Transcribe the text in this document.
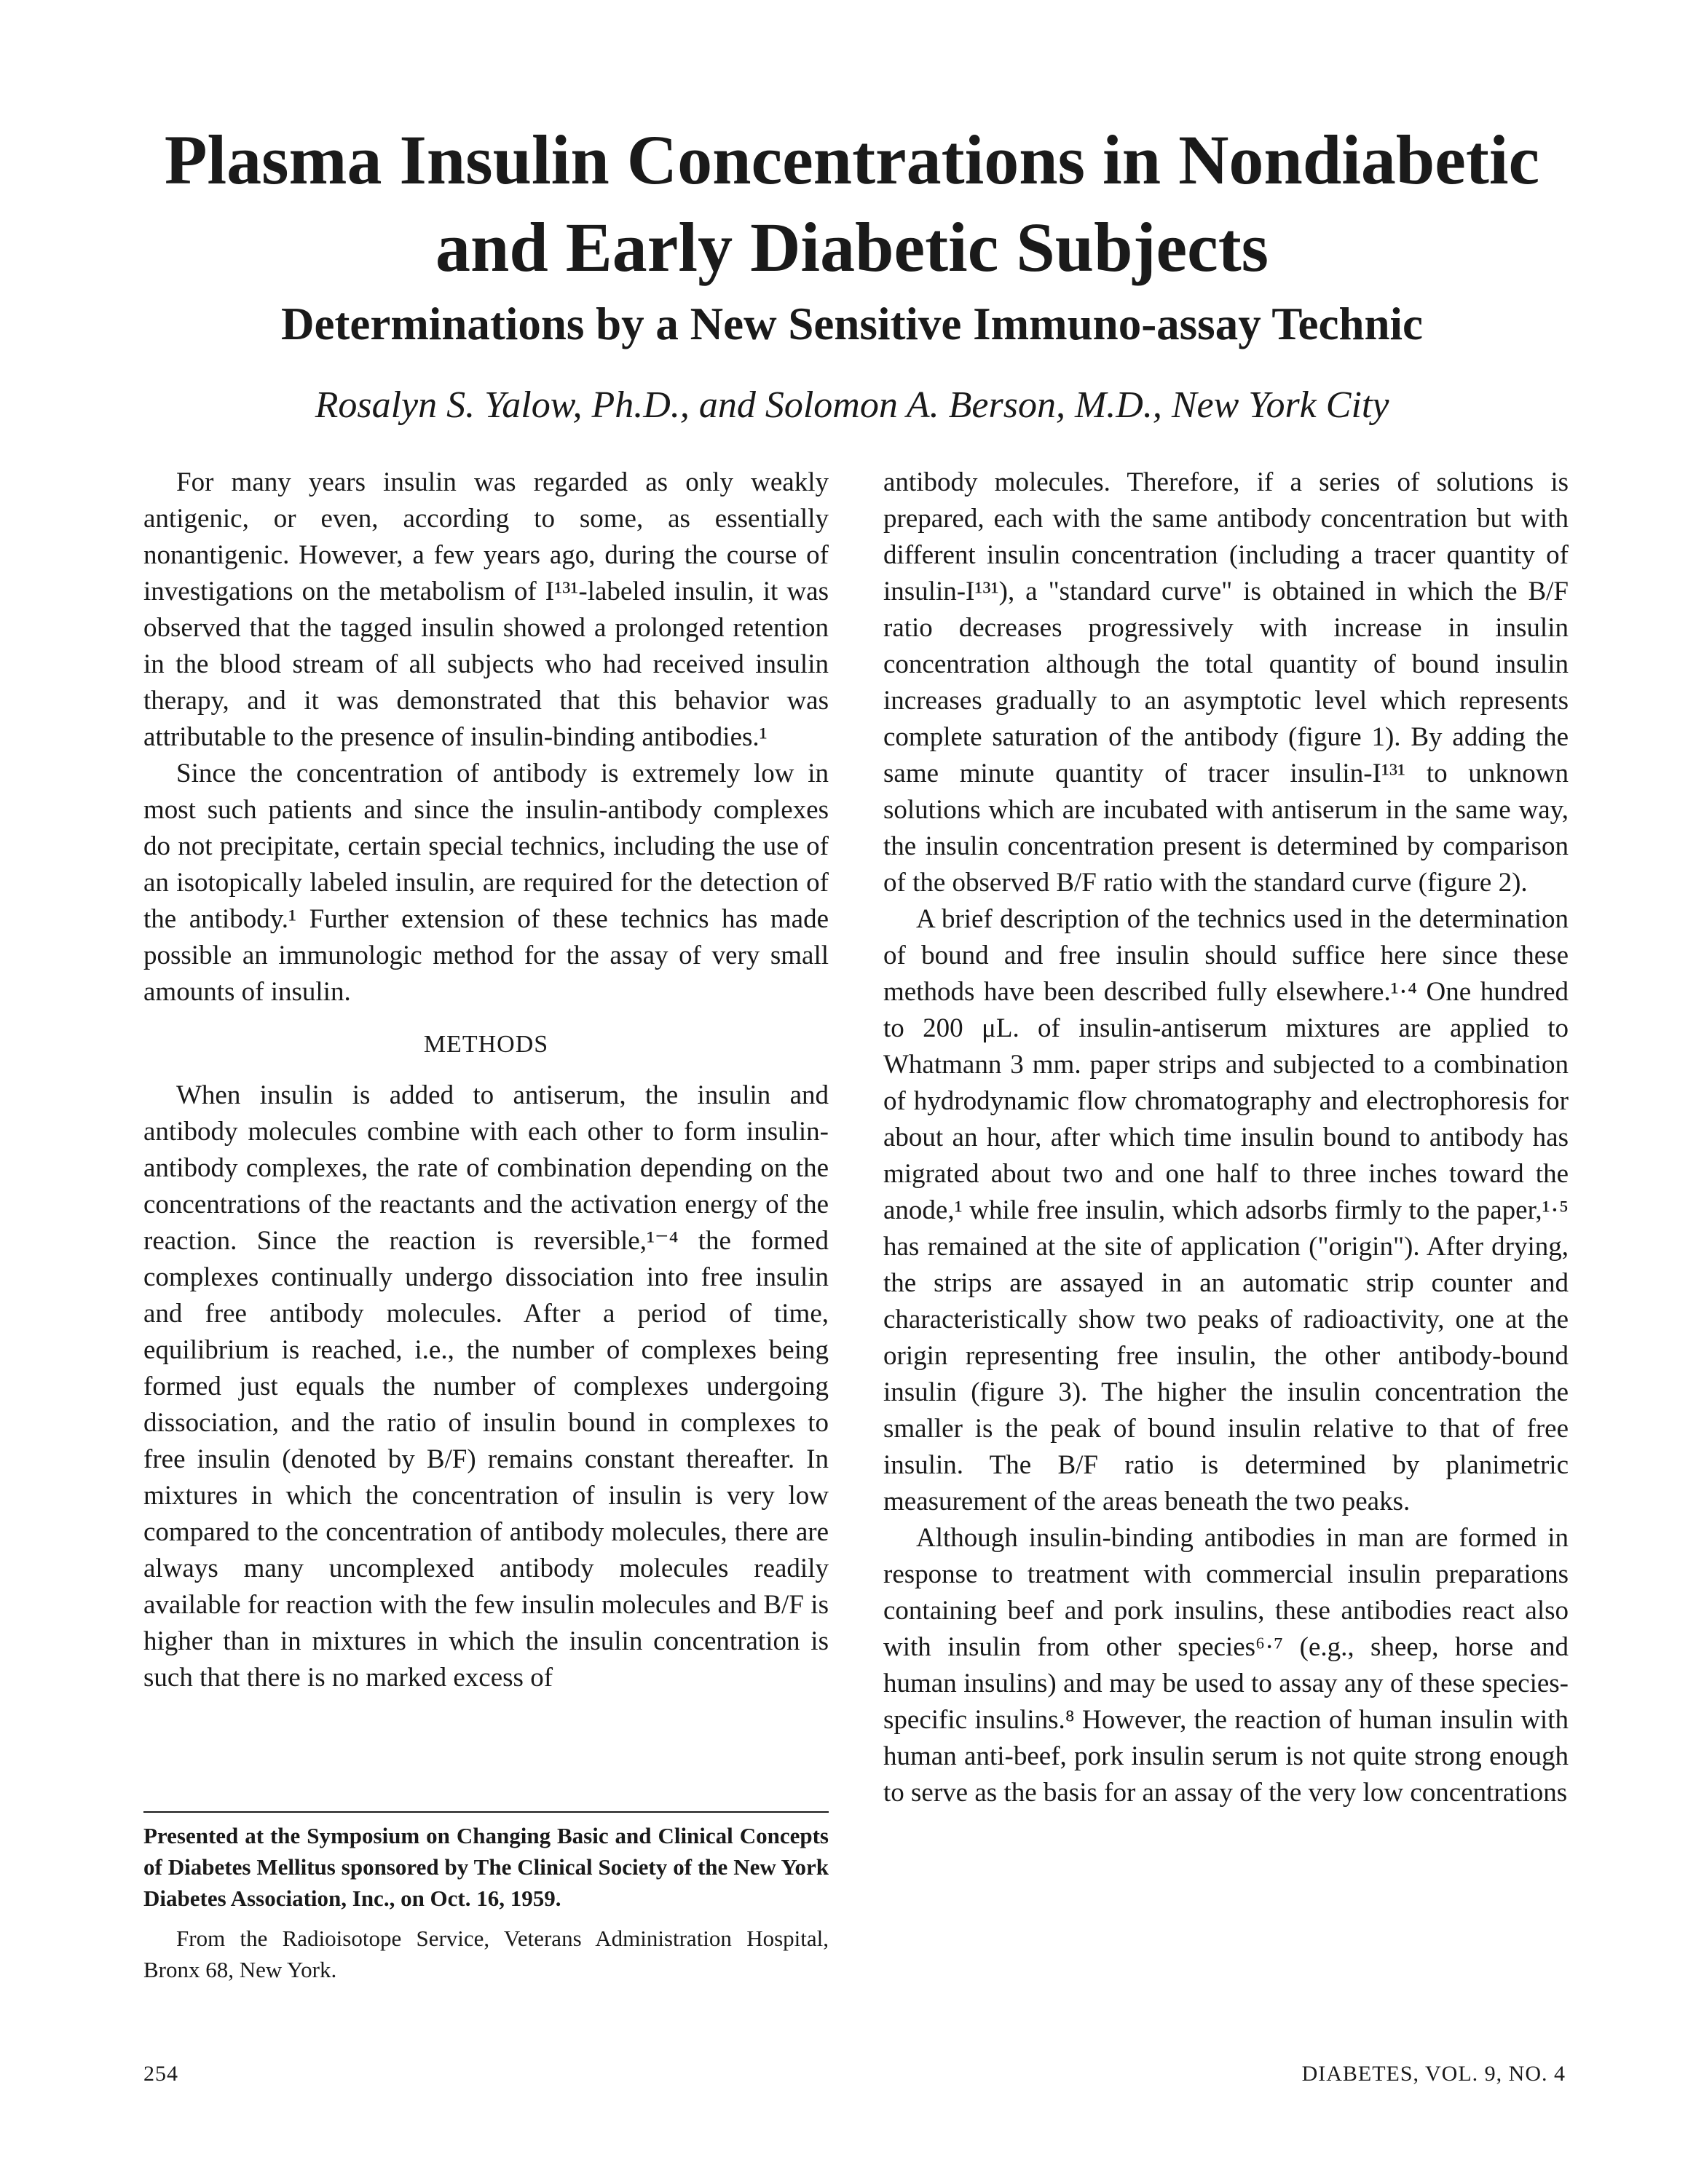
Plasma Insulin Concentrations in Nondiabetic
and Early Diabetic Subjects
Determinations by a New Sensitive Immuno-assay Technic
Rosalyn S. Yalow, Ph.D., and Solomon A. Berson, M.D., New York City

For many years insulin was regarded as only weakly antigenic, or even, according to some, as essentially nonantigenic. However, a few years ago, during the course of investigations on the metabolism of I¹³¹-labeled insulin, it was observed that the tagged insulin showed a prolonged retention in the blood stream of all subjects who had received insulin therapy, and it was demonstrated that this behavior was attributable to the presence of insulin-binding antibodies.¹

Since the concentration of antibody is extremely low in most such patients and since the insulin-antibody complexes do not precipitate, certain special technics, including the use of an isotopically labeled insulin, are required for the detection of the antibody.¹ Further extension of these technics has made possible an immunologic method for the assay of very small amounts of insulin.

METHODS

When insulin is added to antiserum, the insulin and antibody molecules combine with each other to form insulin-antibody complexes, the rate of combination depending on the concentrations of the reactants and the activation energy of the reaction. Since the reaction is reversible,¹⁻⁴ the formed complexes continually undergo dissociation into free insulin and free antibody molecules. After a period of time, equilibrium is reached, i.e., the number of complexes being formed just equals the number of complexes undergoing dissociation, and the ratio of insulin bound in complexes to free insulin (denoted by B/F) remains constant thereafter. In mixtures in which the concentration of insulin is very low compared to the concentration of antibody molecules, there are always many uncomplexed antibody molecules readily available for reaction with the few insulin molecules and B/F is higher than in mixtures in which the insulin concentration is such that there is no marked excess of

antibody molecules. Therefore, if a series of solutions is prepared, each with the same antibody concentration but with different insulin concentration (including a tracer quantity of insulin-I¹³¹), a "standard curve" is obtained in which the B/F ratio decreases progressively with increase in insulin concentration although the total quantity of bound insulin increases gradually to an asymptotic level which represents complete saturation of the antibody (figure 1). By adding the same minute quantity of tracer insulin-I¹³¹ to unknown solutions which are incubated with antiserum in the same way, the insulin concentration present is determined by comparison of the observed B/F ratio with the standard curve (figure 2).

A brief description of the technics used in the determination of bound and free insulin should suffice here since these methods have been described fully elsewhere.¹·⁴ One hundred to 200 μL. of insulin-antiserum mixtures are applied to Whatmann 3 mm. paper strips and subjected to a combination of hydrodynamic flow chromatography and electrophoresis for about an hour, after which time insulin bound to antibody has migrated about two and one half to three inches toward the anode,¹ while free insulin, which adsorbs firmly to the paper,¹·⁵ has remained at the site of application ("origin"). After drying, the strips are assayed in an automatic strip counter and characteristically show two peaks of radioactivity, one at the origin representing free insulin, the other antibody-bound insulin (figure 3). The higher the insulin concentration the smaller is the peak of bound insulin relative to that of free insulin. The B/F ratio is determined by planimetric measurement of the areas beneath the two peaks.

Although insulin-binding antibodies in man are formed in response to treatment with commercial insulin preparations containing beef and pork insulins, these antibodies react also with insulin from other species⁶·⁷ (e.g., sheep, horse and human insulins) and may be used to assay any of these species-specific insulins.⁸ However, the reaction of human insulin with human anti-beef, pork insulin serum is not quite strong enough to serve as the basis for an assay of the very low concentrations

Presented at the Symposium on Changing Basic and Clinical Concepts of Diabetes Mellitus sponsored by The Clinical Society of the New York Diabetes Association, Inc., on Oct. 16, 1959.

From the Radioisotope Service, Veterans Administration Hospital, Bronx 68, New York.

254	DIABETES, VOL. 9, NO. 4
